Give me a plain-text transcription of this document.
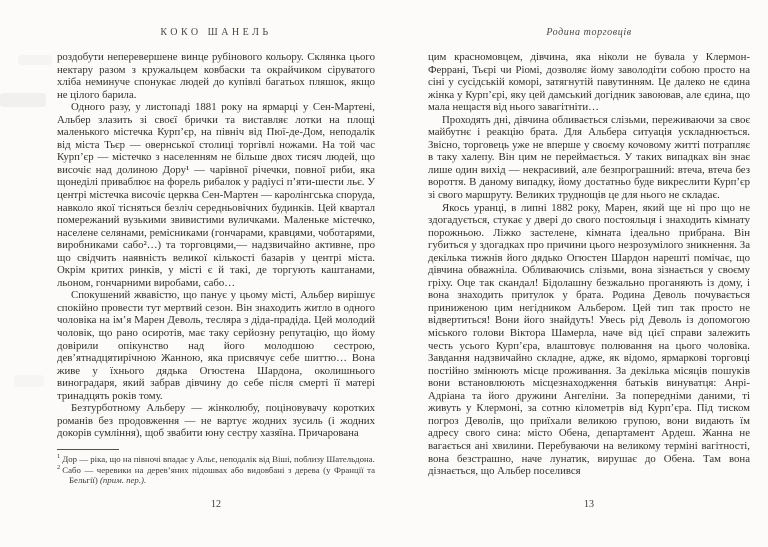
КОКО ШАНЕЛЬ

роздобути неперевершене винце рубінового кольору. Склянка цього нектару разом з кружальцем ковбаски та окрайчиком сіруватого хліба неминуче спонукає людей до купівлі багатьох пляшок, якщо не цілого барила.

Одного разу, у листопаді 1881 року на ярмарці у Сен-Мартені, Альбер злазить зі своєї брички та виставляє лотки на площі маленького містечка Курп’єр, на північ від Пюї-де-Дом, неподалік від міста Тьєр — овернської столиці торгівлі ножами. На той час Курп’єр — містечко з населенням не більше двох тисяч людей, що височіє над долиною Дору¹ — чарівної річечки, повної риби, яка щонеділі приваблює на форель рибалок у радіусі п’яти-шести льє. У центрі містечка височіє церква Сен-Мартен — каролінгська споруда, навколо якої тісняться безліч середньовічних будинків. Цей квартал помережаний вузькими звивистими вуличками. Маленьке містечко, населене селянами, ремісниками (гончарами, кравцями, чоботарями, виробниками сабо²…) та торговцями,— надзвичайно активне, про що свідчить наявність великої кількості базарів у центрі міста. Окрім критих ринків, у місті є й такі, де торгують каштанами, льоном, гончарними виробами, сабо…

Спокушений жвавістю, що панує у цьому місті, Альбер вирішує спокійно провести тут мертвий сезон. Він знаходить житло в одного чоловіка на ім’я Марен Деволь, тесляра з діда-прадіда. Цей молодий чоловік, що рано осиротів, має таку серйозну репутацію, що йому довірили опікунство над його молодшою сестрою, дев’ятнадцятирічною Жанною, яка присвячує себе шиттю… Вона живе у їхнього дядька Огюстена Шардона, околишнього виноградаря, який забрав дівчину до себе після смерті її матері тринадцять років тому.

Безтурботному Альберу — жінколюбу, поціновувачу коротких романів без продовження — не вартує жодних зусиль (і жодних докорів сумління), щоб звабити юну сестру хазяїна. Причарована

$^1$ Дор — ріка, що на півночі впадає у Альє, неподалік від Віші, поблизу Шательдона.
$^2$ Сабо — черевики на дерев’яних підошвах або видовбані з дерева (у Франції та Бельгії) (прим. пер.).
12
Родина торговців

цим красномовцем, дівчина, яка ніколи не бувала у Клермон-Феррані, Тьєрі чи Ріомі, дозволяє йому заволодіти собою просто на сіні у сусідській коморі, затягнутій павутинням. Це далеко не єдина жінка у Курп’єрі, яку цей дамський догідник завоював, але єдина, що мала нещастя від нього завагітніти…

Проходять дні, дівчина обливається слізьми, переживаючи за своє майбутнє і реакцію брата. Для Альбера ситуація ускладнюється. Звісно, торговець уже не вперше у своєму кочовому житті потрапляє в таку халепу. Він цим не переймається. У таких випадках він знає лише один вихід — некрасивий, але безпрограшний: втеча, втеча без вороття. В даному випадку, йому достатньо буде викреслити Курп’єр зі свого маршруту. Великих труднощів це для нього не складає.

Якось уранці, в липні 1882 року, Марен, який ще ні про що не здогадується, стукає у двері до свого постояльця і знаходить кімнату порожньою. Ліжко застелене, кімната ідеально прибрана. Він губиться у здогадках про причини цього незрозумілого зникнення. За декілька тижнів його дядько Огюстен Шардон нарешті помічає, що дівчина обважніла. Обливаючись слізьми, вона зізнається у своєму гріху. Оце так скандал! Бідолашну безжально проганяють із дому, і вона знаходить притулок у брата. Родина Деволь почувається приниженою цим негідником Альбером. Цей тип так просто не відвертиться! Вони його знайдуть! Увесь рід Деволь із допомогою міського голови Віктора Шамерла, наче від цієї справи залежить честь усього Курп’єра, влаштовує полювання на цього чоловіка. Завдання надзвичайно складне, адже, як відомо, ярмаркові торговці постійно змінюють місце проживання. За декілька місяців пошуків вони встановлюють місцезнаходження батьків винуватця: Анрі-Адріана та його дружини Ангеліни. За попередніми даними, ті живуть у Клермоні, за сотню кілометрів від Курп’єра. Під тиском погроз Деволів, що приїхали великою групою, вони видають їм адресу свого сина: місто Обена, департамент Ардеш. Жанна не вагається ані хвилини. Перебуваючи на великому терміні вагітності, вона безстрашно, наче лунатик, вирушає до Обена. Там вона дізнається, що Альбер поселився

13
